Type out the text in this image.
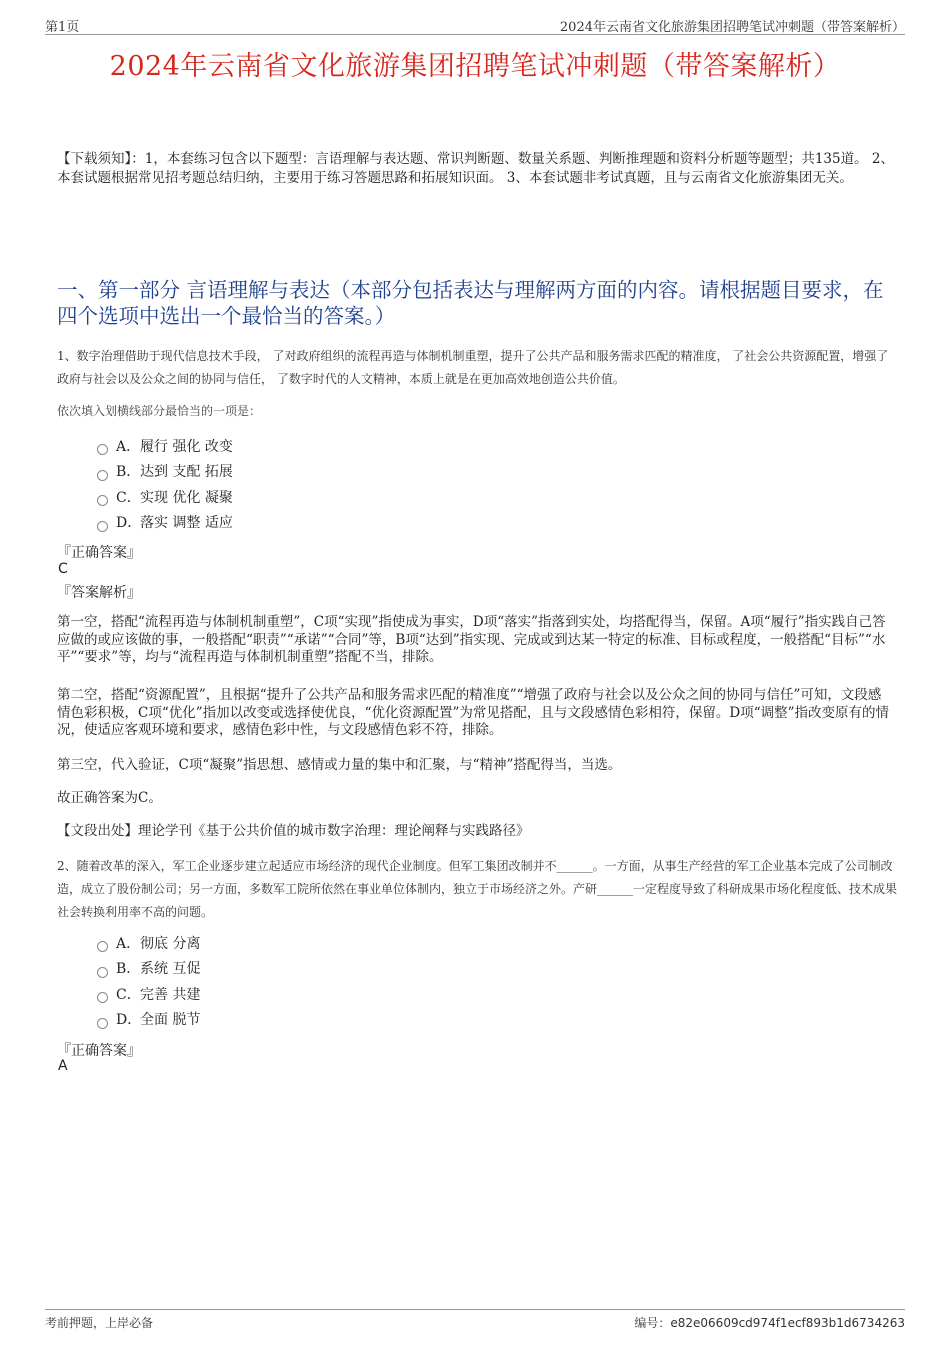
第1页	2024年云南省文化旅游集团招聘笔试冲刺题（带答案解析）
2024年云南省文化旅游集团招聘笔试冲刺题（带答案解析）
【下载须知】：1，本套练习包含以下题型：言语理解与表达题、常识判断题、数量关系题、判断推理题和资料分析题等题型；共135道。 2、本套试题根据常见招考题总结归纳，主要用于练习答题思路和拓展知识面。 3、本套试题非考试真题，且与云南省文化旅游集团无关。
一、第一部分 言语理解与表达（本部分包括表达与理解两方面的内容。请根据题目要求，在四个选项中选出一个最恰当的答案。）
1、数字治理借助于现代信息技术手段， 了对政府组织的流程再造与体制机制重塑，提升了公共产品和服务需求匹配的精准度， 了社会公共资源配置，增强了政府与社会以及公众之间的协同与信任， 了数字时代的人文精神，本质上就是在更加高效地创造公共价值。
依次填入划横线部分最恰当的一项是：
A． 履行 强化 改变
B． 达到 支配 拓展
C． 实现 优化 凝聚
D．
落实 调整 适应
『正确答案』
C
『答案解析』
第一空，搭配“流程再造与体制机制重塑”，C项“实现”指使成为事实，D项“落实”指落到实处，均搭配得当，保留。A项“履行”指实践自己答应做的或应该做的事，一般搭配“职责”“承诺”“合同”等，B项“达到”指实现、完成或到达某一特定的标准、目标或程度，一般搭配“目标”“水平”“要求”等，均与“流程再造与体制机制重塑”搭配不当，排除。
第二空，搭配“资源配置”，且根据“提升了公共产品和服务需求匹配的精准度”“增强了政府与社会以及公众之间的协同与信任”可知，文段感情色彩积极，C项“优化”指加以改变或选择使优良，“优化资源配置”为常见搭配，且与文段感情色彩相符，保留。D项“调整”指改变原有的情况，使适应客观环境和要求，感情色彩中性，与文段感情色彩不符，排除。
第三空，代入验证，C项“凝聚”指思想、感情或力量的集中和汇聚，与“精神”搭配得当，当选。
故正确答案为C。
【文段出处】理论学刊《基于公共价值的城市数字治理：理论阐释与实践路径》
2、随着改革的深入，军工企业逐步建立起适应市场经济的现代企业制度。但军工集团改制并不______。一方面，从事生产经营的军工企业基本完成了公司制改造，成立了股份制公司；另一方面，多数军工院所依然在事业单位体制内，独立于市场经济之外。产研______一定程度导致了科研成果市场化程度低、技术成果社会转换利用率不高的问题。
A． 彻底 分离
B． 系统 互促
C． 完善 共建
D．
全面 脱节
『正确答案』
A
考前押题，上岸必备	编号：e82e06609cd974f1ecf893b1d6734263
